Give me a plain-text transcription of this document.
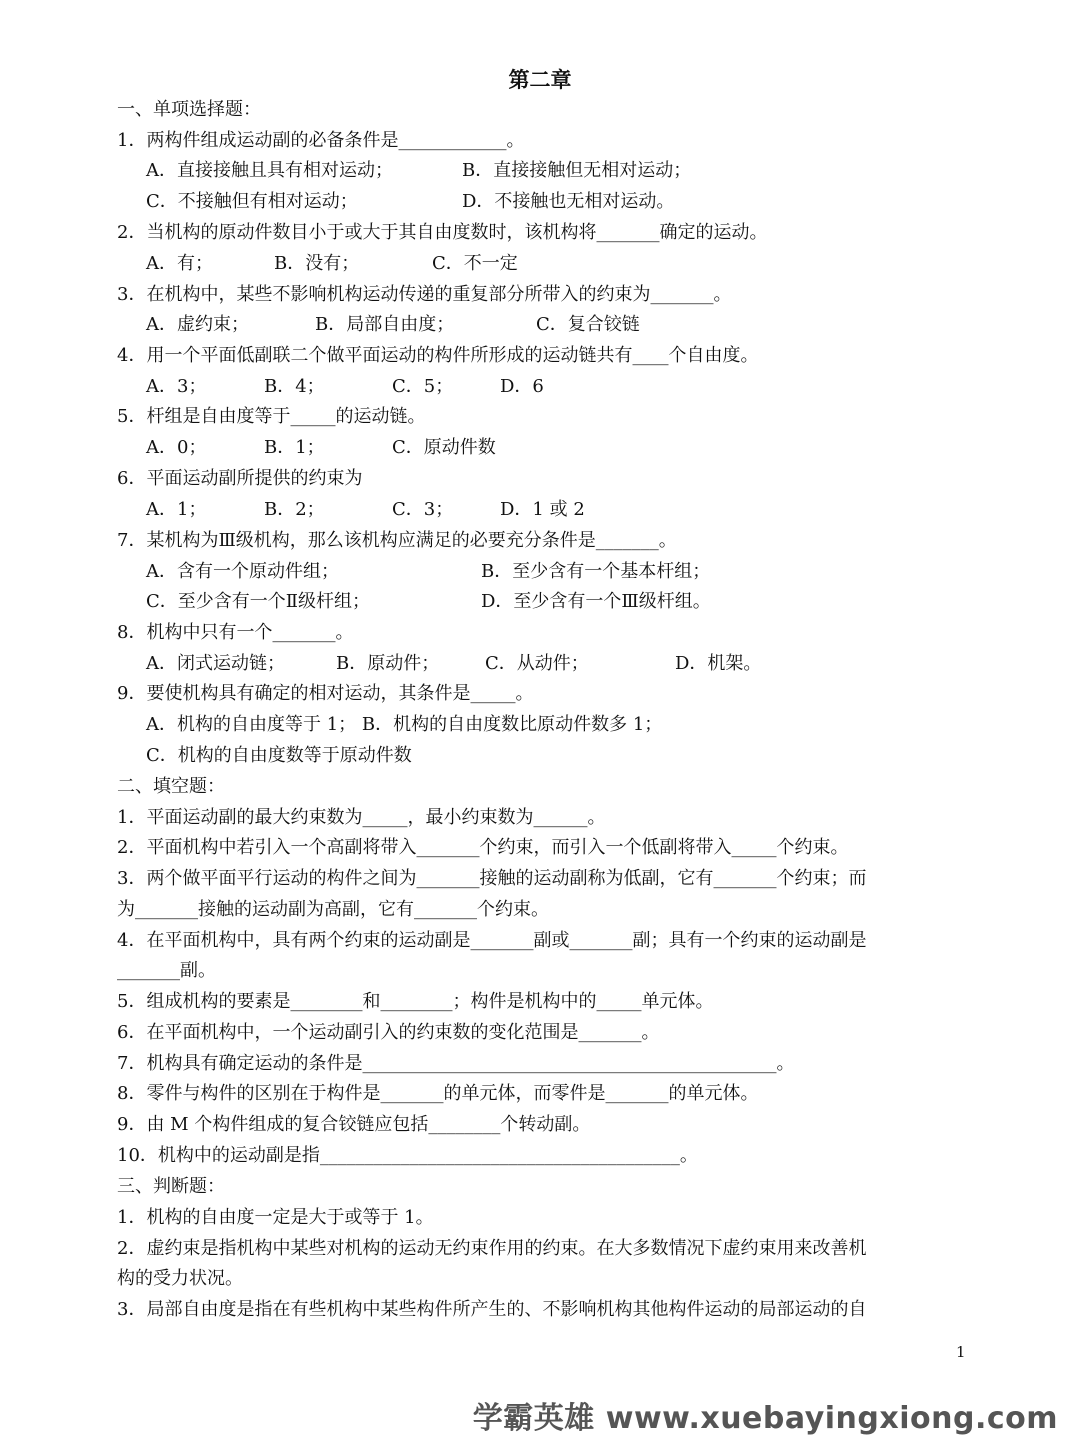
第二章
一、单项选择题：
1．两构件组成运动副的必备条件是____________。
A．直接接触且具有相对运动；	B．直接接触但无相对运动；
C．不接触但有相对运动；	D．不接触也无相对运动。
2．当机构的原动件数目小于或大于其自由度数时，该机构将_______确定的运动。
A．有；	B．没有；	C．不一定
3．在机构中，某些不影响机构运动传递的重复部分所带入的约束为_______。
A．虚约束；	B．局部自由度；	C．复合铰链
4．用一个平面低副联二个做平面运动的构件所形成的运动链共有____个自由度。
A．3；	B．4；	C．5；	D．6
5．杆组是自由度等于_____的运动链。
A．0；	B．1；	C．原动件数
6．平面运动副所提供的约束为
A．1；	B．2；	C．3；	D．1 或 2
7．某机构为Ⅲ级机构，那么该机构应满足的必要充分条件是_______。
A．含有一个原动件组；	B．至少含有一个基本杆组；
C．至少含有一个Ⅱ级杆组；	D．至少含有一个Ⅲ级杆组。
8．机构中只有一个_______。
A．闭式运动链；	B．原动件；	C．从动件；	D．机架。
9．要使机构具有确定的相对运动，其条件是_____。
A．机构的自由度等于 1； B．机构的自由度数比原动件数多 1；
C．机构的自由度数等于原动件数
二、填空题：
1．平面运动副的最大约束数为_____，最小约束数为______。
2．平面机构中若引入一个高副将带入_______个约束，而引入一个低副将带入_____个约束。
3．两个做平面平行运动的构件之间为_______接触的运动副称为低副，它有_______个约束；而
为_______接触的运动副为高副，它有_______个约束。
4．在平面机构中，具有两个约束的运动副是_______副或_______副；具有一个约束的运动副是
_______副。
5．组成机构的要素是________和________；构件是机构中的_____单元体。
6．在平面机构中，一个运动副引入的约束数的变化范围是_______。
7．机构具有确定运动的条件是______________________________________________。
8．零件与构件的区别在于构件是_______的单元体，而零件是_______的单元体。
9．由 M 个构件组成的复合铰链应包括________个转动副。
10．机构中的运动副是指________________________________________。
三、判断题：
1．机构的自由度一定是大于或等于 1。
2．虚约束是指机构中某些对机构的运动无约束作用的约束。在大多数情况下虚约束用来改善机
构的受力状况。
3．局部自由度是指在有些机构中某些构件所产生的、不影响机构其他构件运动的局部运动的自
1
学霸英雄 www.xuebayingxiong.com
